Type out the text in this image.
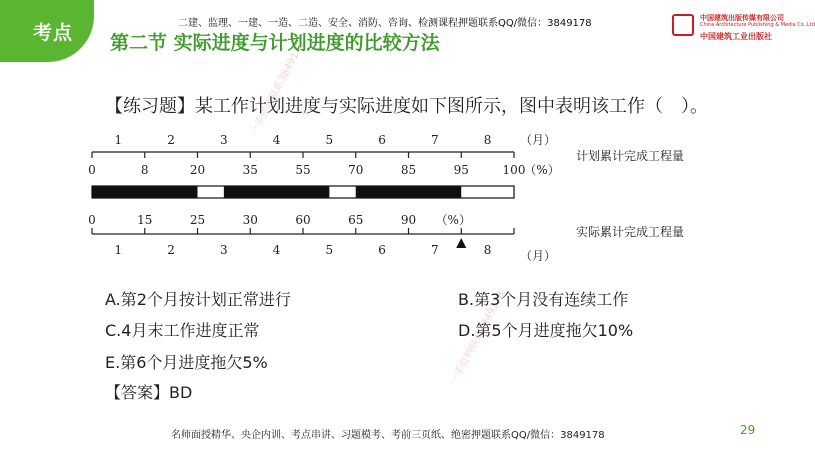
考点 第二节 实际进度与计划进度的比较方法
二建、监理、一建、一造、二造、安全、消防、咨询、检测课程押题联系QQ/微信：3849178	中国建筑出版传媒有限公司
China Architecture Publishing & Media Co.,Ltd
中国建筑工业出版社
一手资料联系3849178
一手资料联系3849178
【练习题】某工作计划进度与实际进度如下图所示，图中表明该工作（　）。
1	2	3	4	5	6	7	8 （月）
0	8	20	35	55	70	85	95	100
（%）
计划累计完成工程量
0	15	25	30	60	65	90 （%）
实际累计完成工程量
1	2	3	4	5	6	7	8 （月）
A.第2个月按计划正常进行	B.第3个月没有连续工作
C.4月末工作进度正常	D.第5个月进度拖欠10%
E.第6个月进度拖欠5%
【答案】BD
名师面授精华、央企内训、考点串讲、习题模考、考前三页纸、绝密押题联系QQ/微信：3849178	29
